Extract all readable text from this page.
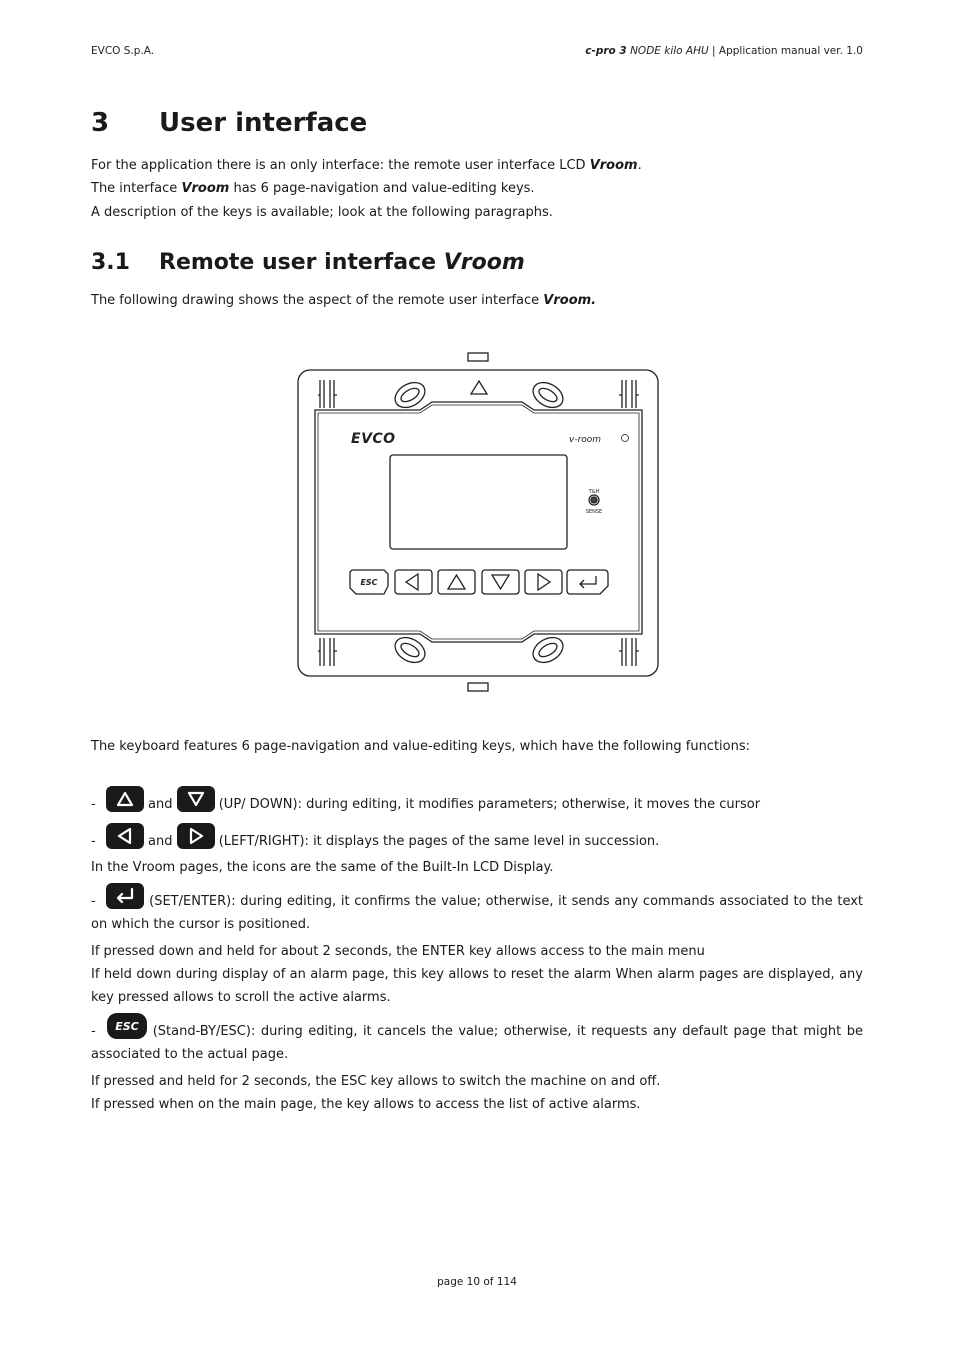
EVCO S.p.A.	c-pro 3 NODE kilo AHU | Application manual ver. 1.0
3 User interface

For the application there is an only interface: the remote user interface LCD Vroom.

The interface Vroom has 6 page-navigation and value-editing keys.

A description of the keys is available; look at the following paragraphs.

3.1 Remote user interface Vroom

The following drawing shows the aspect of the remote user interface Vroom.

EVCO	v-room
T&H
SENSE
ESC

The keyboard features 6 page-navigation and value-editing keys, which have the following functions:

-	and	(UP/ DOWN): during editing, it modifies parameters; otherwise, it moves the cursor
-	and	(LEFT/RIGHT): it displays the pages of the same level in succession.

In the Vroom pages, the icons are the same of the Built-In LCD Display.

-	(SET/ENTER): during editing, it confirms the value; otherwise, it sends any commands associated to the text on which the cursor is positioned.

If pressed down and held for about 2 seconds, the ENTER key allows access to the main menu

If held down during display of an alarm page, this key allows to reset the alarm When alarm pages are displayed, any key pressed allows to scroll the active alarms.

- ESC (Stand-BY/ESC): during editing, it cancels the value; otherwise, it requests any default page that might be associated to the actual page.

If pressed and held for 2 seconds, the ESC key allows to switch the machine on and off.

If pressed when on the main page, the key allows to access the list of active alarms.

page 10 of 114
